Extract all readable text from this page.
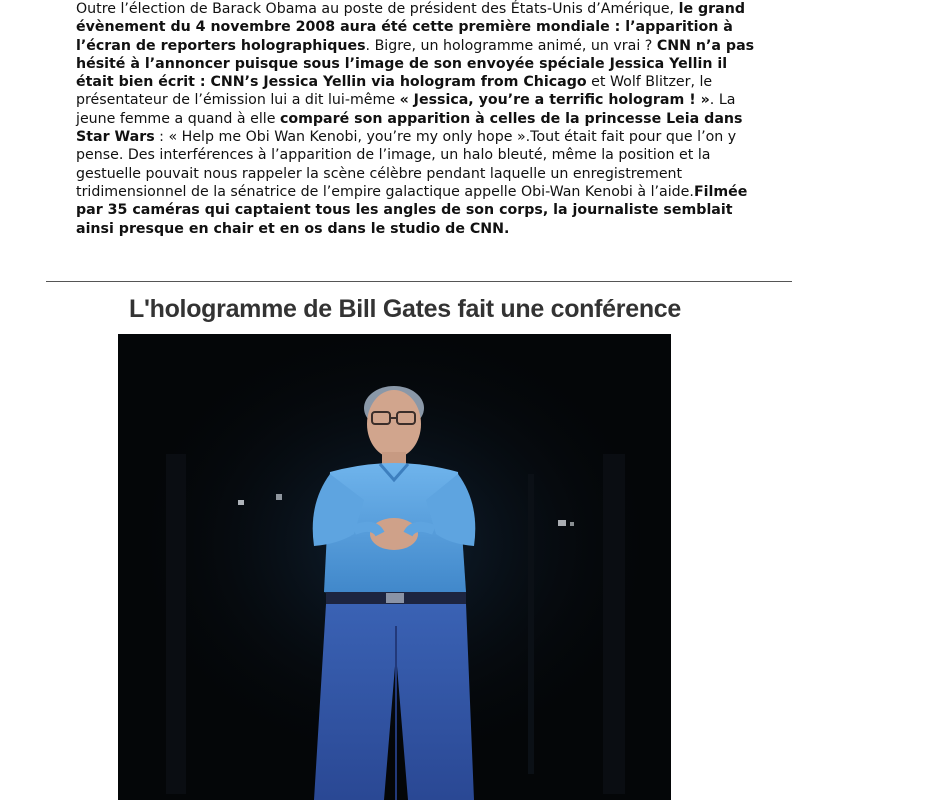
Outre l’élection de Barack Obama au poste de président des États-Unis d’Amérique, le grand évènement du 4 novembre 2008 aura été cette première mondiale : l’apparition à l’écran de reporters holographiques. Bigre, un hologramme animé, un vrai ? CNN n’a pas hésité à l’annoncer puisque sous l’image de son envoyée spéciale Jessica Yellin il était bien écrit : CNN’s Jessica Yellin via hologram from Chicago et Wolf Blitzer, le présentateur de l’émission lui a dit lui-même « Jessica, you’re a terrific hologram ! ». La jeune femme a quand à elle comparé son apparition à celles de la princesse Leia dans Star Wars : « Help me Obi Wan Kenobi, you’re my only hope ».Tout était fait pour que l’on y pense. Des interférences à l’apparition de l’image, un halo bleuté, même la position et la gestuelle pouvait nous rappeler la scène célèbre pendant laquelle un enregistrement tridimensionnel de la sénatrice de l’empire galactique appelle Obi-Wan Kenobi à l’aide.Filmée par 35 caméras qui captaient tous les angles de son corps, la journaliste semblait ainsi presque en chair et en os dans le studio de CNN.

L'hologramme de Bill Gates fait une conférence
